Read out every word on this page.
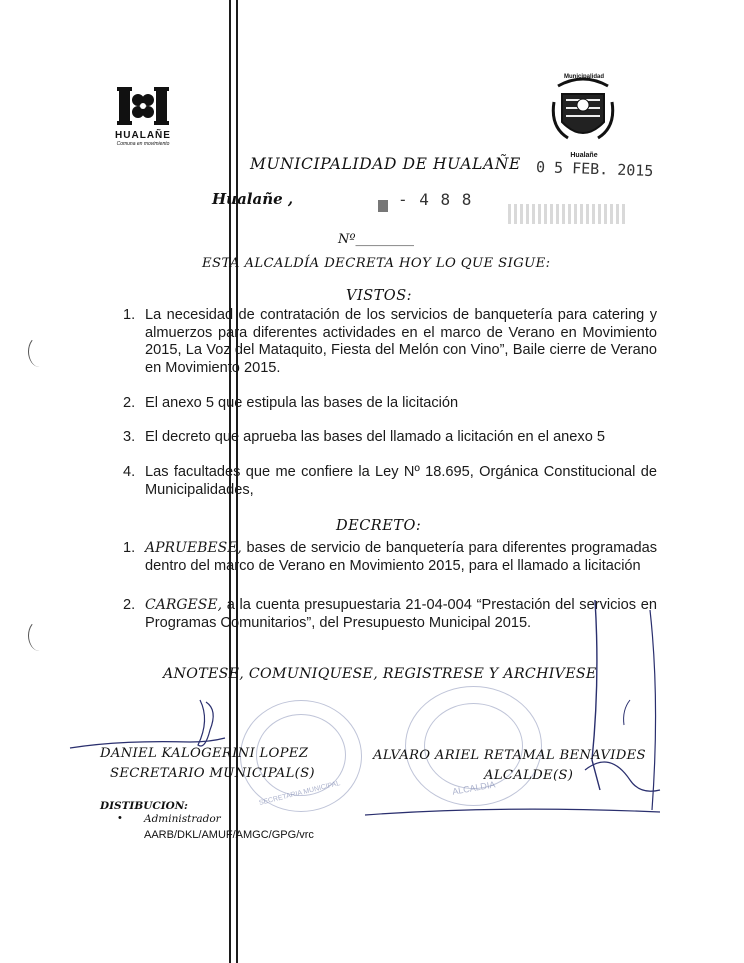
HUALAÑE
Comuna en movimiento
Municipalidad
Hualañe
MUNICIPALIDAD DE HUALAÑE 0 5 FEB. 2015
Hualañe ,	- 4 8 8
Nº_________
ESTA ALCALDÍA DECRETA HOY LO QUE SIGUE:
VISTOS:
1. La necesidad de contratación de los servicios de banquetería para catering y almuerzos para diferentes actividades en el marco de Verano en Movimiento 2015, La Voz del Mataquito, Fiesta del Melón con Vino”, Baile cierre de Verano en Movimiento 2015.
2. El anexo 5 que estipula las bases de la licitación
3. El decreto que aprueba las bases del llamado a licitación en el anexo 5
4. Las facultades que me confiere la Ley Nº 18.695, Orgánica Constitucional de Municipalidades,
DECRETO:
1. APRUEBESE, bases de servicio de banquetería para diferentes programadas dentro del marco de Verano en Movimiento 2015, para el llamado a licitación
2. CARGESE, a la cuenta presupuestaria 21-04-004 “Prestación del servicios en Programas Comunitarios”, del Presupuesto Municipal 2015.
ANOTESE, COMUNIQUESE, REGISTRESE Y ARCHIVESE
SECRETARIA MUNICIPAL	ALCALDIA
DANIEL KALOGERINI LOPEZ
SECRETARIO MUNICIPAL(S)
ALVARO ARIEL RETAMAL BENAVIDES
ALCALDE(S)
DISTIBUCION:
• Administrador
AARB/DKL/AMUF/AMGC/GPG/vrc
